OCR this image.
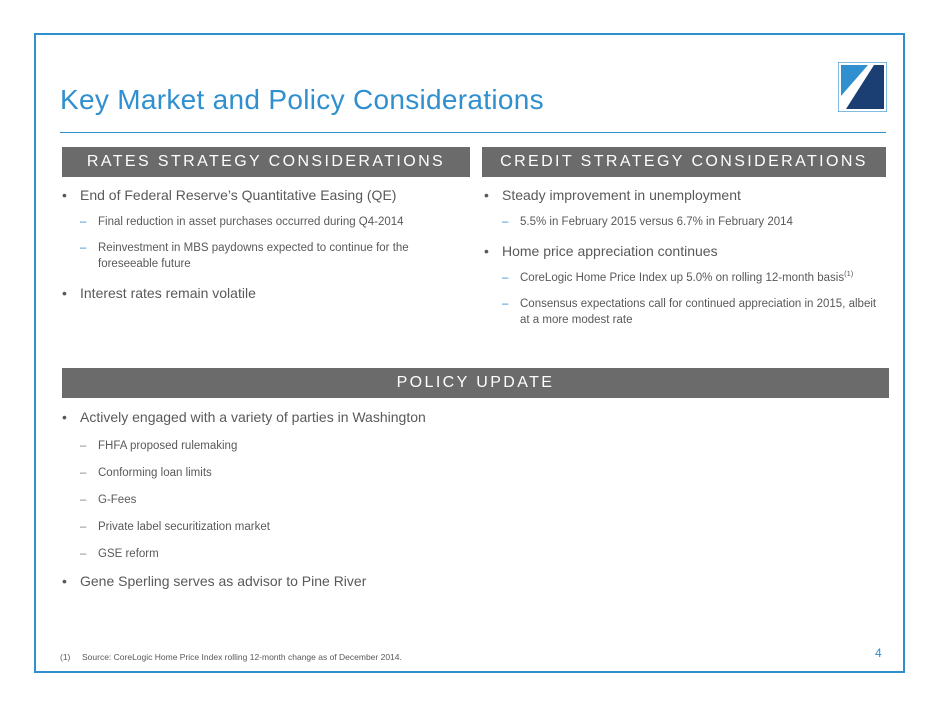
Key Market and Policy Considerations
RATES STRATEGY CONSIDERATIONS
• End of Federal Reserve’s Quantitative Easing (QE)
– Final reduction in asset purchases occurred during Q4-2014
– Reinvestment in MBS paydowns expected to continue for the foreseeable future
• Interest rates remain volatile
CREDIT STRATEGY CONSIDERATIONS
• Steady improvement in unemployment
– 5.5% in February 2015 versus 6.7% in February 2014
• Home price appreciation continues
– CoreLogic Home Price Index up 5.0% on rolling 12-month basis$^{(1)}$
– Consensus expectations call for continued appreciation in 2015, albeit at a more modest rate
POLICY UPDATE
• Actively engaged with a variety of parties in Washington
– FHFA proposed rulemaking
– Conforming loan limits
– G-Fees
– Private label securitization market
– GSE reform
• Gene Sperling serves as advisor to Pine River
(1) Source: CoreLogic Home Price Index rolling 12-month change as of December 2014.	4
